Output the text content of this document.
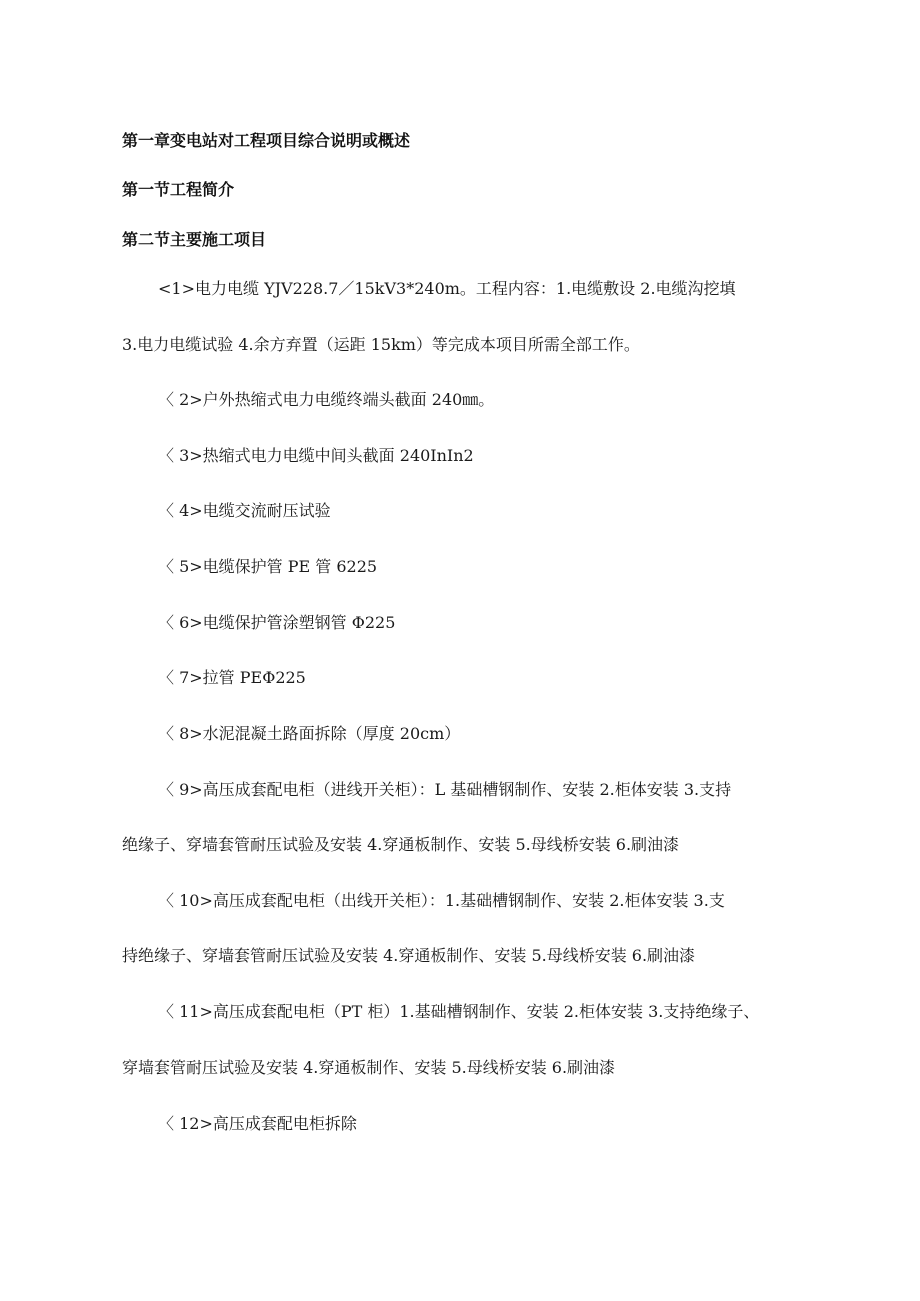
第一章变电站对工程项目综合说明或概述
第一节工程简介
第二节主要施工项目
<1>电力电缆 YJV228.7／15kV3*240m。工程内容：1.电缆敷设 2.电缆沟挖填
3.电力电缆试验 4.余方弃置（运距 15km）等完成本项目所需全部工作。
〈 2>户外热缩式电力电缆终端头截面 240㎜。
〈 3>热缩式电力电缆中间头截面 240InIn2
〈 4>电缆交流耐压试验
〈 5>电缆保护管 PE 管 6225
〈 6>电缆保护管涂塑钢管 Φ225
〈 7>拉管 PEΦ225
〈 8>水泥混凝土路面拆除（厚度 20cm）
〈 9>高压成套配电柜（进线开关柜）：L 基础槽钢制作、安装 2.柜体安装 3.支持
绝缘子、穿墙套管耐压试验及安装 4.穿通板制作、安装 5.母线桥安装 6.刷油漆
〈 10>高压成套配电柜（出线开关柜）：1.基础槽钢制作、安装 2.柜体安装 3.支
持绝缘子、穿墙套管耐压试验及安装 4.穿通板制作、安装 5.母线桥安装 6.刷油漆
〈 11>高压成套配电柜（PT 柜）1.基础槽钢制作、安装 2.柜体安装 3.支持绝缘子、
穿墙套管耐压试验及安装 4.穿通板制作、安装 5.母线桥安装 6.刷油漆
〈 12>高压成套配电柜拆除
